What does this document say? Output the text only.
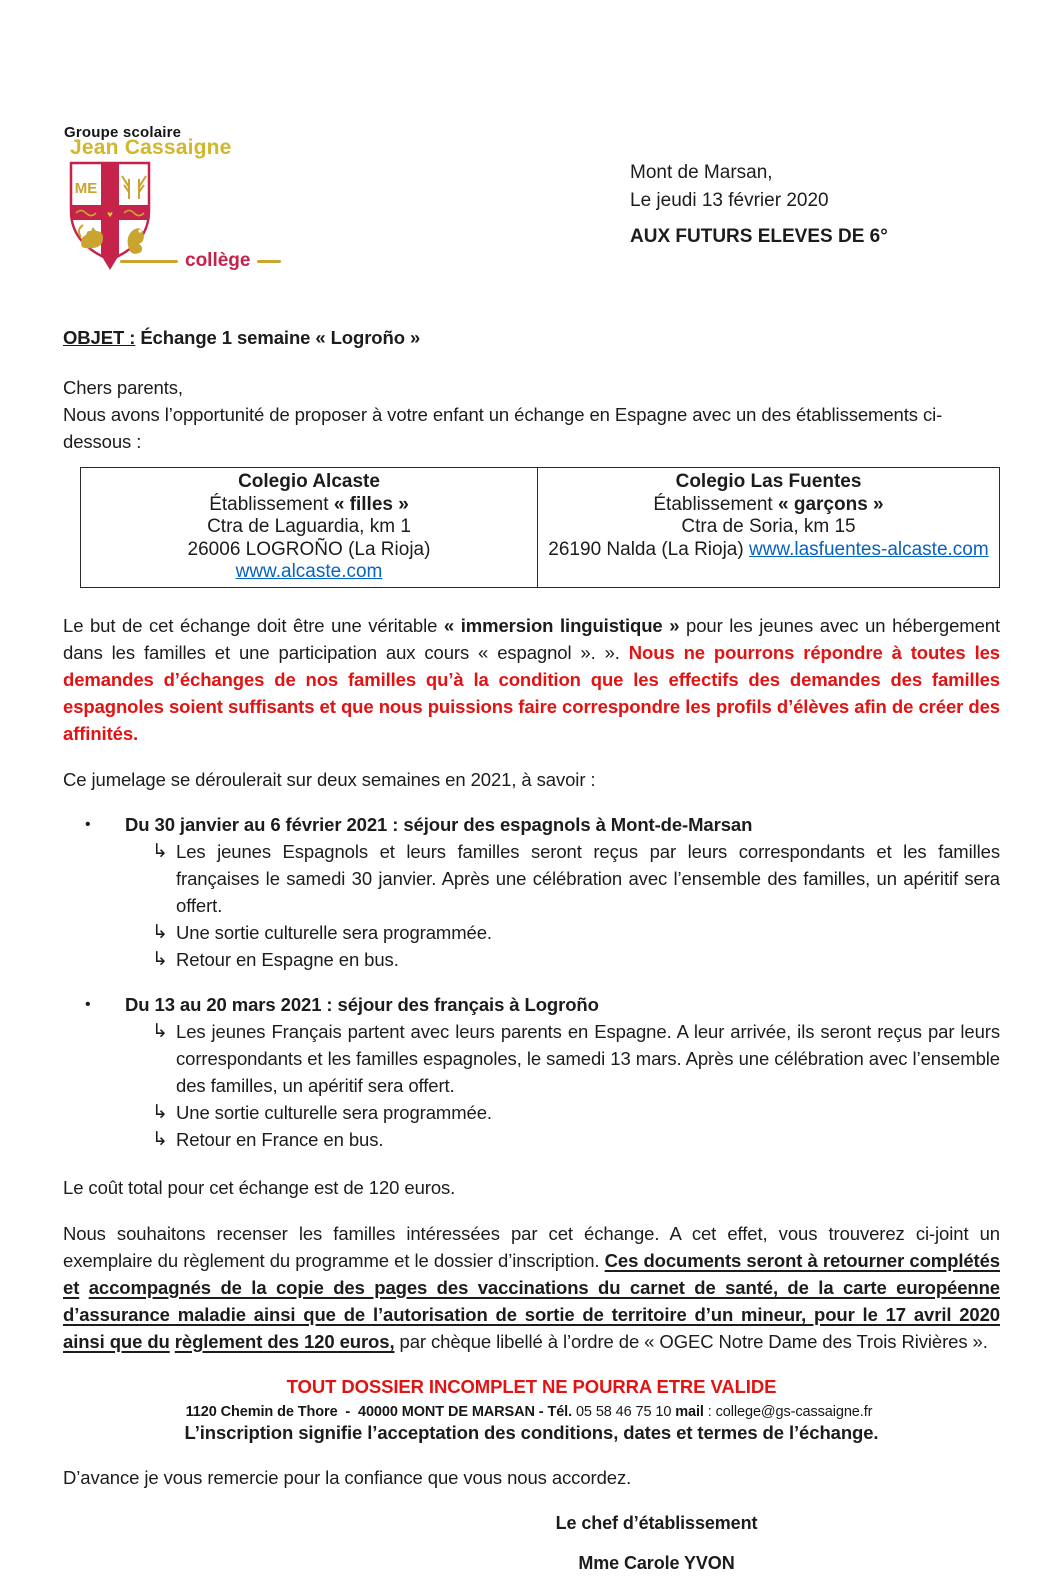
Groupe scolaire
Jean Cassaigne
ME
♥
collège
Mont de Marsan,
Le jeudi 13 février 2020
AUX FUTURS ELEVES DE 6°

OBJET : Échange 1 semaine « Logroño »

Chers parents,
Nous avons l’opportunité de proposer à votre enfant un échange en Espagne avec un des établissements ci-dessous :
Colegio Alcaste
Établissement « filles »
Ctra de Laguardia, km 1
26006 LOGROÑO (La Rioja)
www.alcaste.com

Colegio Las Fuentes
Établissement « garçons »
Ctra de Soria, km 15
26190 Nalda (La Rioja) www.lasfuentes-alcaste.com

Le but de cet échange doit être une véritable « immersion linguistique » pour les jeunes avec un hébergement dans les familles et une participation aux cours « espagnol ». ». Nous ne pourrons répondre à toutes les demandes d’échanges de nos familles qu’à la condition que les effectifs des demandes des familles espagnoles soient suffisants et que nous puissions faire correspondre les profils d’élèves afin de créer des affinités.

Ce jumelage se déroulerait sur deux semaines en 2021, à savoir :

•	Du 30 janvier au 6 février 2021 : séjour des espagnols à Mont-de-Marsan
↳ Les jeunes Espagnols et leurs familles seront reçus par leurs correspondants et les familles françaises le samedi 30 janvier. Après une célébration avec l’ensemble des familles, un apéritif sera offert.
↳ Une sortie culturelle sera programmée.
↳ Retour en Espagne en bus.
•	Du 13 au 20 mars 2021 : séjour des français à Logroño
↳ Les jeunes Français partent avec leurs parents en Espagne. A leur arrivée, ils seront reçus par leurs correspondants et les familles espagnoles, le samedi 13 mars. Après une célébration avec l’ensemble des familles, un apéritif sera offert.
↳ Une sortie culturelle sera programmée.
↳ Retour en France en bus.

Le coût total pour cet échange est de 120 euros.

Nous souhaitons recenser les familles intéressées par cet échange. A cet effet, vous trouverez ci-joint un exemplaire du règlement du programme et le dossier d’inscription. Ces documents seront à retourner complétés et accompagnés de la copie des pages des vaccinations du carnet de santé, de la carte européenne d’assurance maladie ainsi que de l’autorisation de sortie de territoire d’un mineur, pour le 17 avril 2020 ainsi que du règlement des 120 euros, par chèque libellé à l’ordre de « OGEC Notre Dame des Trois Rivières ».

TOUT DOSSIER INCOMPLET NE POURRA ETRE VALIDE

L’inscription signifie l’acceptation des conditions, dates et termes de l’échange.

D’avance je vous remercie pour la confiance que vous nous accordez.

Le chef d’établissement
Mme Carole YVON
1120 Chemin de Thore  -  40000 MONT DE MARSAN - Tél. 05 58 46 75 10 mail : college@gs-cassaigne.fr
